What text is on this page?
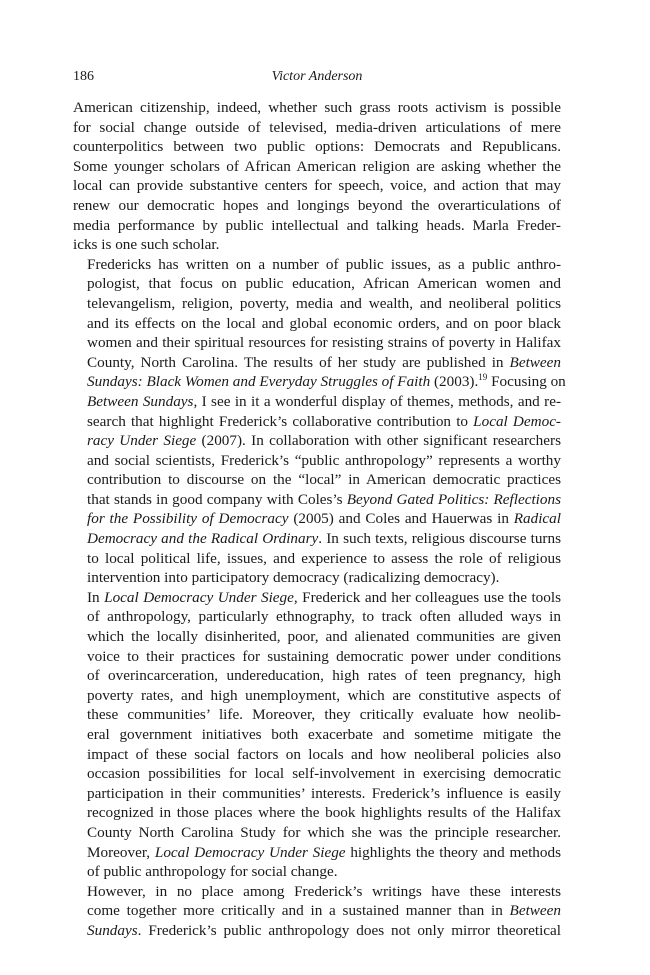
186	Victor Anderson

American citizenship, indeed, whether such grass roots activism is possible
for social change outside of televised, media-driven articulations of mere
counterpolitics between two public options: Democrats and Republicans.
Some younger scholars of African American religion are asking whether the
local can provide substantive centers for speech, voice, and action that may
renew our democratic hopes and longings beyond the overarticulations of
media performance by public intellectual and talking heads. Marla Freder-
icks is one such scholar.

Fredericks has written on a number of public issues, as a public anthro-
pologist, that focus on public education, African American women and
televangelism, religion, poverty, media and wealth, and neoliberal politics
and its effects on the local and global economic orders, and on poor black
women and their spiritual resources for resisting strains of poverty in Halifax
County, North Carolina. The results of her study are published in Between
Sundays: Black Women and Everyday Struggles of Faith (2003).$^{19}$ Focusing on
Between Sundays, I see in it a wonderful display of themes, methods, and re-
search that highlight Frederick’s collaborative contribution to Local Democ-
racy Under Siege (2007). In collaboration with other significant researchers
and social scientists, Frederick’s “public anthropology” represents a worthy
contribution to discourse on the “local” in American democratic practices
that stands in good company with Coles’s Beyond Gated Politics: Reflections
for the Possibility of Democracy (2005) and Coles and Hauerwas in Radical
Democracy and the Radical Ordinary. In such texts, religious discourse turns
to local political life, issues, and experience to assess the role of religious
intervention into participatory democracy (radicalizing democracy).

In Local Democracy Under Siege, Frederick and her colleagues use the tools
of anthropology, particularly ethnography, to track often alluded ways in
which the locally disinherited, poor, and alienated communities are given
voice to their practices for sustaining democratic power under conditions
of overincarceration, undereducation, high rates of teen pregnancy, high
poverty rates, and high unemployment, which are constitutive aspects of
these communities’ life. Moreover, they critically evaluate how neolib-
eral government initiatives both exacerbate and sometime mitigate the
impact of these social factors on locals and how neoliberal policies also
occasion possibilities for local self-involvement in exercising democratic
participation in their communities’ interests. Frederick’s influence is easily
recognized in those places where the book highlights results of the Halifax
County North Carolina Study for which she was the principle researcher.
Moreover, Local Democracy Under Siege highlights the theory and methods
of public anthropology for social change.

However, in no place among Frederick’s writings have these interests
come together more critically and in a sustained manner than in Between
Sundays. Frederick’s public anthropology does not only mirror theoretical
